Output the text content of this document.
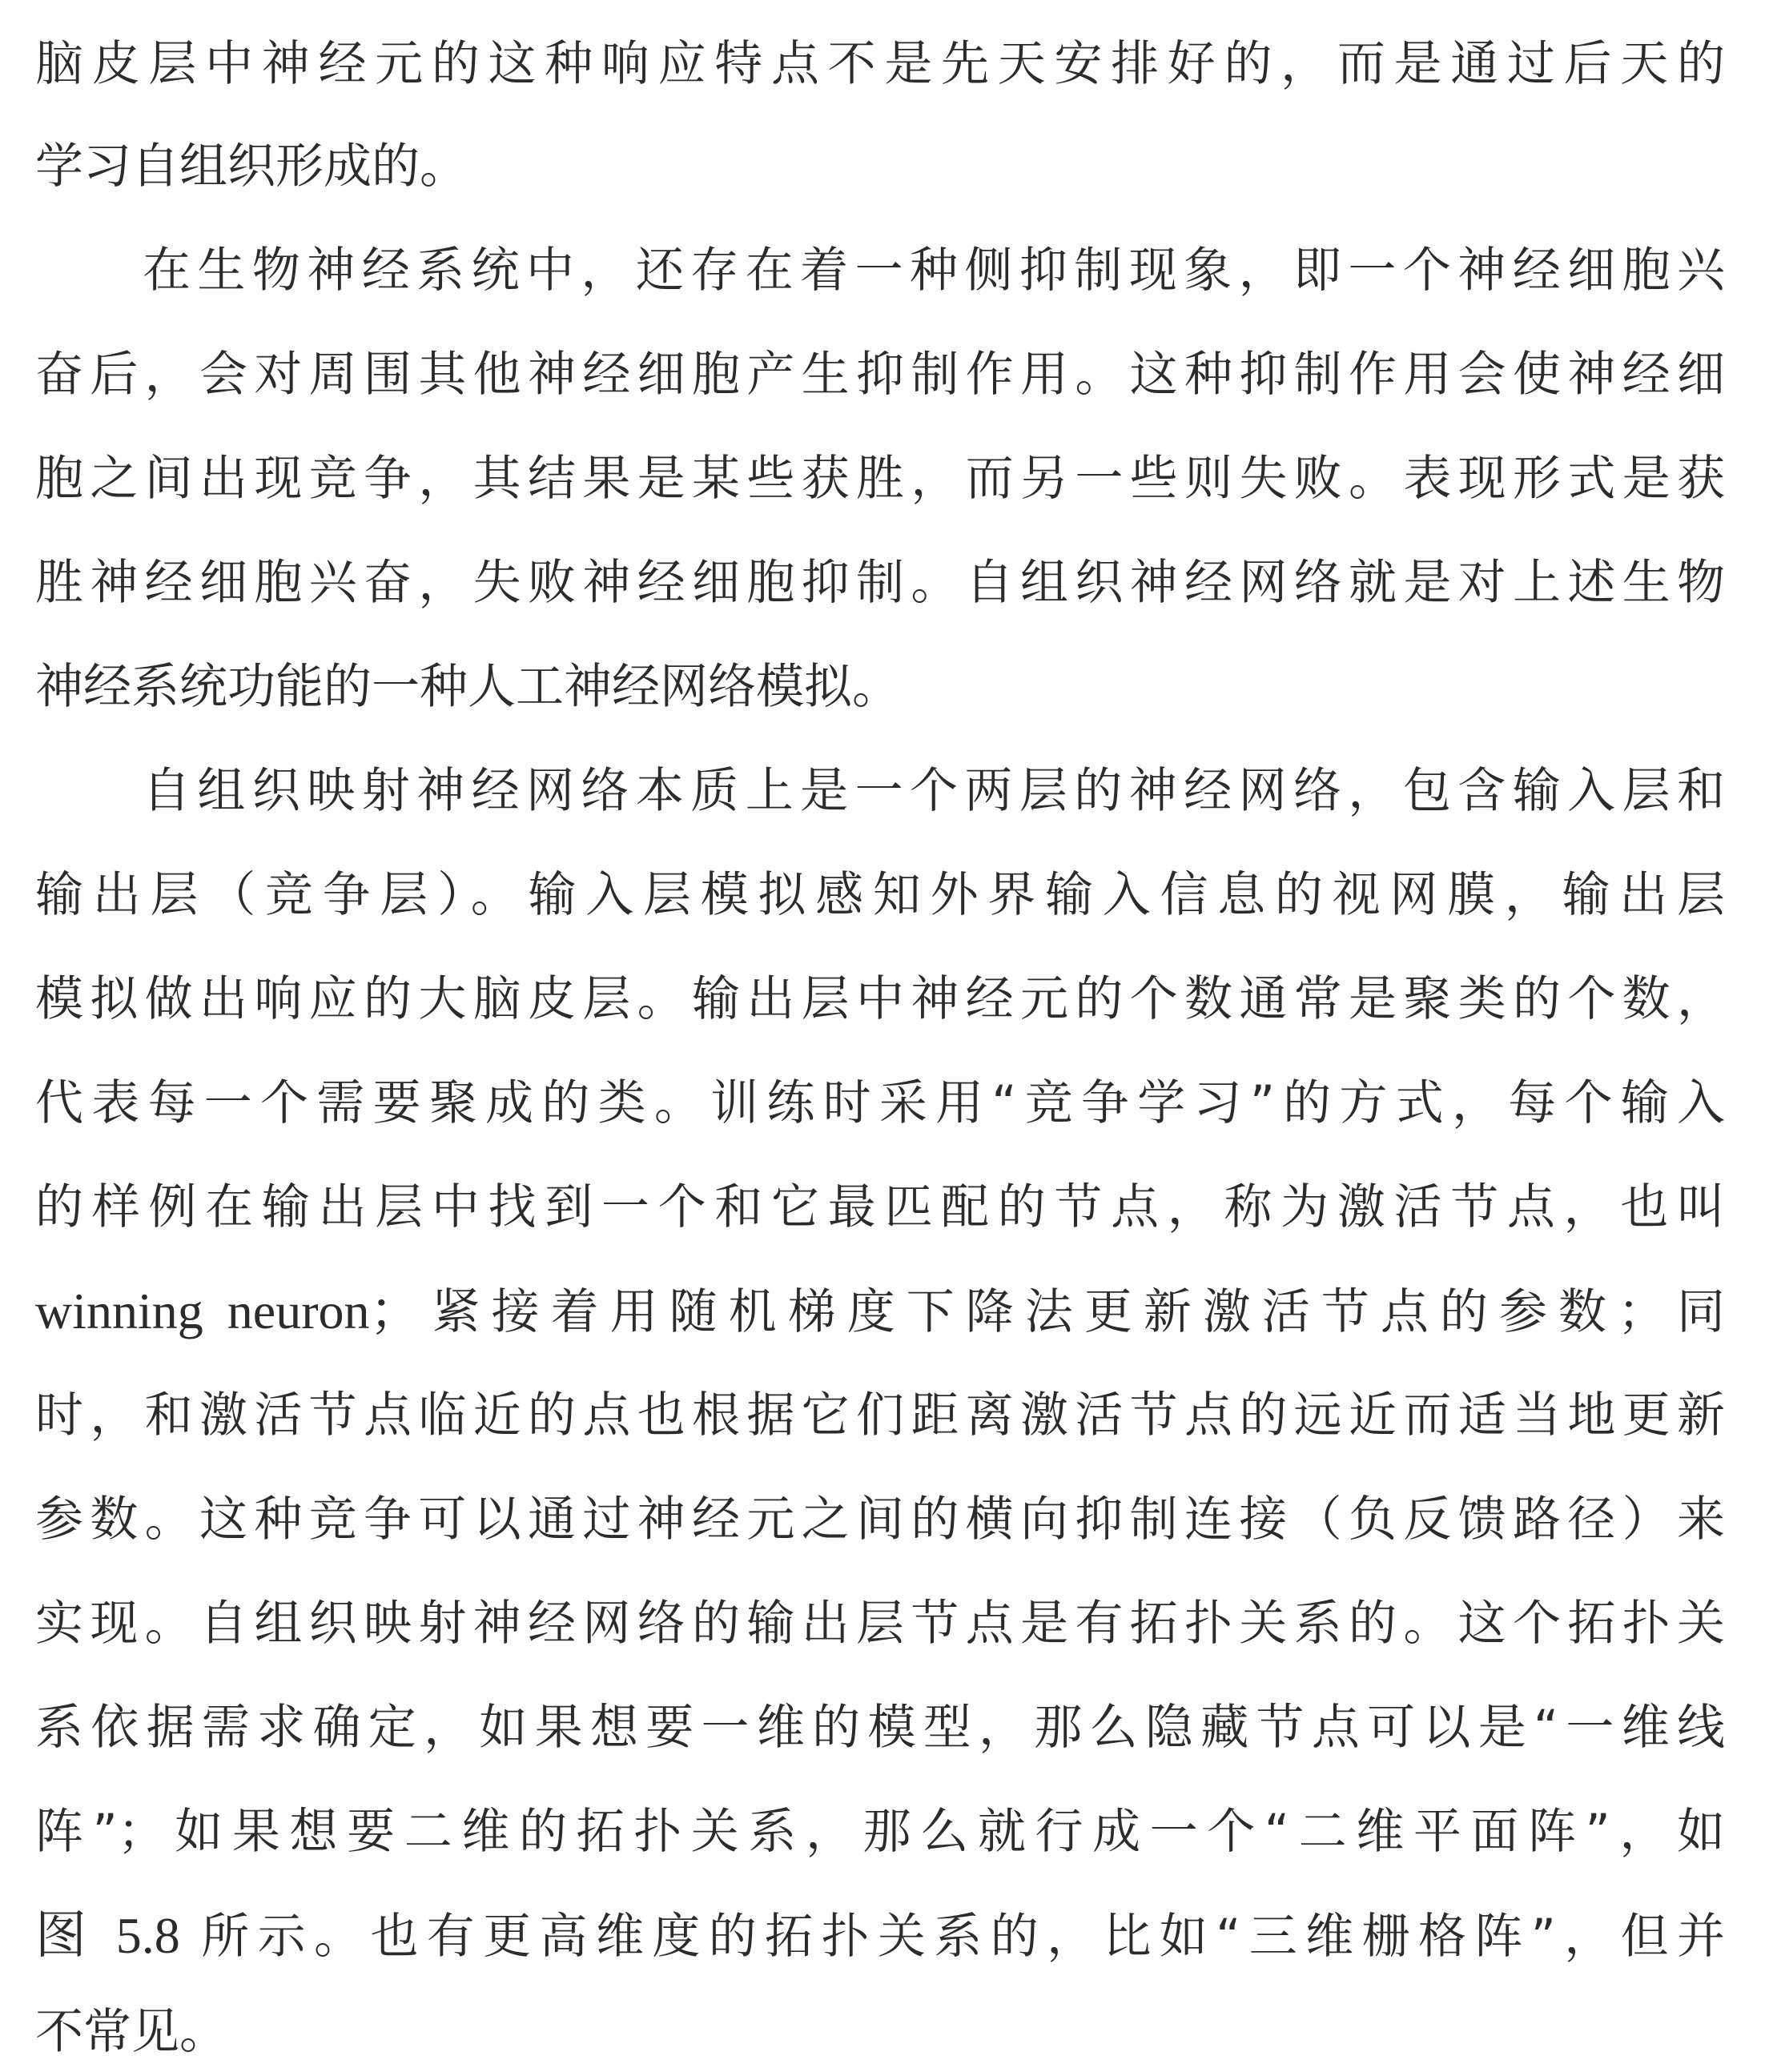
脑皮层中神经元的这种响应特点不是先天安排好的，而是通过后天的
学习自组织形成的。
在生物神经系统中，还存在着一种侧抑制现象，即一个神经细胞兴
奋后，会对周围其他神经细胞产生抑制作用。这种抑制作用会使神经细
胞之间出现竞争，其结果是某些获胜，而另一些则失败。表现形式是获
胜神经细胞兴奋，失败神经细胞抑制。自组织神经网络就是对上述生物
神经系统功能的一种人工神经网络模拟。
自组织映射神经网络本质上是一个两层的神经网络，包含输入层和
输出层（竞争层）。输入层模拟感知外界输入信息的视网膜，输出层
模拟做出响应的大脑皮层。输出层中神经元的个数通常是聚类的个数，
代表每一个需要聚成的类。训练时采用“竞争学习”的方式，每个输入
的样例在输出层中找到一个和它最匹配的节点，称为激活节点，也叫
winning neuron；紧接着用随机梯度下降法更新激活节点的参数；同
时，和激活节点临近的点也根据它们距离激活节点的远近而适当地更新
参数。这种竞争可以通过神经元之间的横向抑制连接（负反馈路径）来
实现。自组织映射神经网络的输出层节点是有拓扑关系的。这个拓扑关
系依据需求确定，如果想要一维的模型，那么隐藏节点可以是“一维线
阵”；如果想要二维的拓扑关系，那么就行成一个“二维平面阵”，如
图 5.8 所示。也有更高维度的拓扑关系的，比如“三维栅格阵”，但并
不常见。
